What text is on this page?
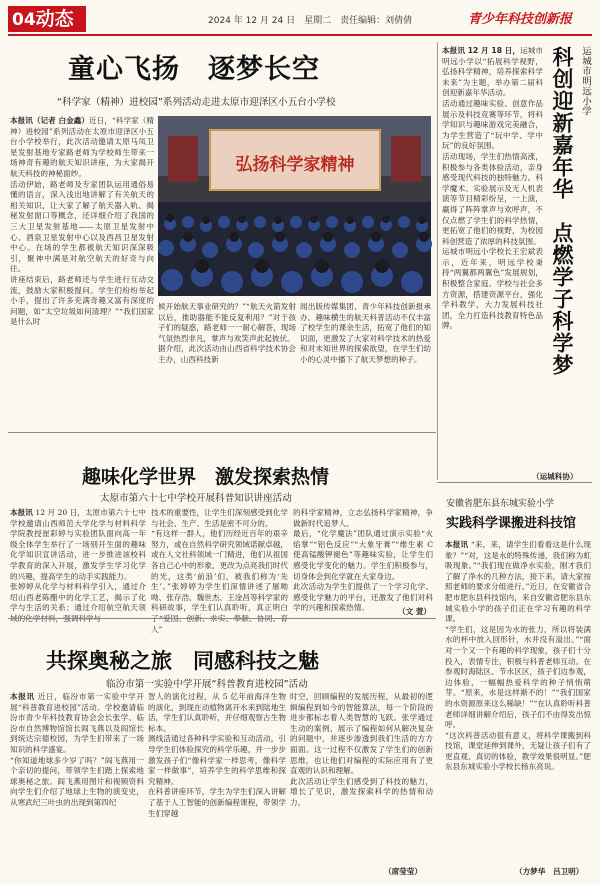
04动态	2024 年 12 月 24 日　星期二　责任编辑：刘倩倩	青少年科技创新报
童心飞扬　逐梦长空
“科学家（精神）进校园”系列活动走进太原市迎泽区小五台小学校
本报讯（记者 白金鑫）近日，“科学家（精神）进校园”系列活动在太原市迎泽区小五台小学校举行，此次活动邀请太原马凤卫星发射基地专家路老师为学校师生带来一场神奇有趣的航天知识讲座，为大家揭开航天科技的神秘面纱。
活动伊始，路老师及专家团队运用通俗易懂的语言，深入浅出地讲解了有关航天的相关知识，让大家了解了航天器入轨、揭秘发射窗口等概念，还详细介绍了我国的三大卫星发射基地——太原卫星发射中心、酒泉卫星发射中心以及西昌卫星发射中心。在场的学生都被航天知识深深吸引，聚神中满是对航空航天的好奇与向往。
讲座结束后，路老师还与学生进行互动交流，鼓励大家积极提问。学生们纷纷举起小手，提出了许多充满奇趣又富有深度的问题，如“太空垃圾如何清理？”“我们国家是什么时
弘扬科学家精神
候开始航天事业研究的？”“航天火箭发射以后，推助器能不能反复利用？”对于孩子们的疑惑，路老师一一耐心解答，现场气氛热烈非凡，掌声与欢笑声此起彼伏。
据介绍，此次活动由山西省科学技术协会主办，山西科技新
闻出版传媒集团、青少年科技创新报承办。趣味横生的航天科普活动不仅丰富了校学生的课余生活，拓宽了他们的知识面，更激发了大家对科学技术的热爱和对未知世界的探索欲望，在学生们幼小的心灵中播下了航天梦想的种子。
本报讯 12 月 18 日，运城市明远小学以“拓展科学视野，弘扬科学精神，培养探索科学未来”为主题，举办第二届科创迎新嘉年华活动。
活动通过趣味实验、创意作品展示及科技竞赛等环节，将科学知识与趣味游戏完美融合，为学生营造了“玩中学、学中玩”的良好氛围。
活动现场，学生们热情高涨，积极参与各类体验活动，亲身感受现代科技的独特魅力。科学魔术、实验展示及无人机表演等节目精彩纷呈，一上演，赢得了阵阵掌声与欢呼声，不仅点燃了学生们的科学热情，更拓宽了他们的视野，为校园科创营造了浓厚的科技氛围。
运城市明远小学校长王宏斌表示，近年来，明远学校秉持“两翼都两翼色”发展规划，积极整合家庭、学校与社会多方资源，搭建资源平台，强化学科教学，大力发展科技社团，全力打造科技教育特色品牌。
运城市明远小学
科创迎新嘉年华　点燃学子科学梦
（运城科协）
趣味化学世界　激发探索热情
太原市第六十七中学校开展科普知识讲座活动
本报讯 12 月 20 日，太原市第六十七中学校邀请山西师范大学化学与材料科学学院教授崔彩婷与实验团队面向高一年级全体学生举行了一场别开生面的趣味化学知识宣讲活动，进一步推进该校科学教育的深入开展，激发学生学习化学的兴趣，提高学生的动手实践能力。
张婷婷从化学与材料科学引入，通过介绍山西老陈醋中的化学工艺，揭示了化学与生活的关系；通过介绍航空航天领
技术的重要性，让学生们深刻感受到化学与社会、生产、生活是密不可分的。
“有这样一群人，他们历经近百年的艰辛努力，或在自然科学研究领域诺献卓越，或在人文社科领域一门精进，他们从祖国各自己心中的形象，更改为点亮我们时代的光，这类‘前浪’们，被我们称为‘先生’。”张婷婷为学生们深情讲述了屠呦呦、张存浩、魏世杰、王淦昌等科学家的科研故事，学生们认真聆听，真正明白 人”
的科学家精神，立志弘扬科学家精神，争做新时代追梦人。
最后，“化学魔法”团队通过演示实验“火焰掌”“铝色反应”“大象牙膏”“维生素 C 使高锰酸钾褪色”等趣味实验，让学生们感受化学变化的魅力。学生们积极参与，切身体会到化学就在大家身边。
此次活动为学生们提供了一个学习化学、感受化学魅力的平台，还激发了他们对科学的兴趣和探索热情。	（文 萱）
共探奥秘之旅　同感科技之魅
临汾市第一实验中学开展“科普教育进校园”活动
本报讯 近日，临汾市第一实验中学开展“科普教育进校园”活动。学校邀请临汾市青少年科技教育协会会长张学、临汾市自然博物馆馆长阎飞燕以及阎馆长到统达宗德校园，为学生们带来了一场知识的科学盛宴。
“你知道地球多少岁了吗？”阎飞燕用一个亲切的提问，带领学生们踏上探索地球奥秘之旅。阎飞燕用图片和视频资料向学生们介绍了地球上生物的演变史，从寒武纪三叶虫的出现到第四纪
智人的演化过程，从 5 亿年前海洋生物的演化，到现在动植物离开水来到陆地生活，学生们认真聆听，并仔细观察古生物标本。
测线活通过各种科学实验和互动活动，引导学生们体验探究的科学乐趣，并一步步激发孩子们“像科学家一样思考，像科学家一样做事”，培养学生的科学思维和探究精神。
在科普讲座环节，学生为学生们深入讲解了基于人工智能的创新编程课程，带领学生们穿越
时空，回顾编程的发展历程，从最初的逻辑编程到如今的智能算法，每一个阶段的进步都标志着人类智慧的飞跃。张学通过生动的案例，展示了编程如何从解决复杂的问题中，并逐步渗透到我们生活的方方面面。这一过程不仅激发了学生们的创新思维，也让他们对编程的实际应用有了更直观的认识和理解。
此次活动让学生们感受到了科技的魅力，增长了见识，激发探索科学的热情和动力。
（席莹莹）
安徽省肥东县东城实验小学
实践科学课搬进科技馆
本报讯 “来，来，请学生们看看这是什么现象？”“对，这是水的特殊传递，我们称为虹吸现象。”“我们现在做净水实验，刚才我们了解了净水的几种方法，接下来，请大家按照老师的要求分组进行。”近日，在安徽省合肥市肥东县科技馆内，来自安徽省肥东县东城实验小学的孩子们正在学习有趣的科学课。
“学生们，这是因为水的张力，所以将装满水的杯中放入回形针，水并没有溢出。”“面对一个又一个有趣的科学现象，孩子们十分投入，表情专注，积极与科普老师互动。在参观时海陆区、节水区区，孩子们边参观，边体验，一幅幅热爱科学的种子悄悄萌芽。“原来，水是这样渐不的！”“我们国家的水资源原来这么稀缺！”“在认真聆听科普老师详细讲解介绍后，孩子们不由得发出惊呼。
“这次科普活动很有意义，将科学课搬到科技馆，课堂延伸到课外，无疑让孩子们有了更直观、真切的体验，教学效果很明显。”肥东县东城实验小学校长杨东亮说。
（方梦华　吕卫明）
